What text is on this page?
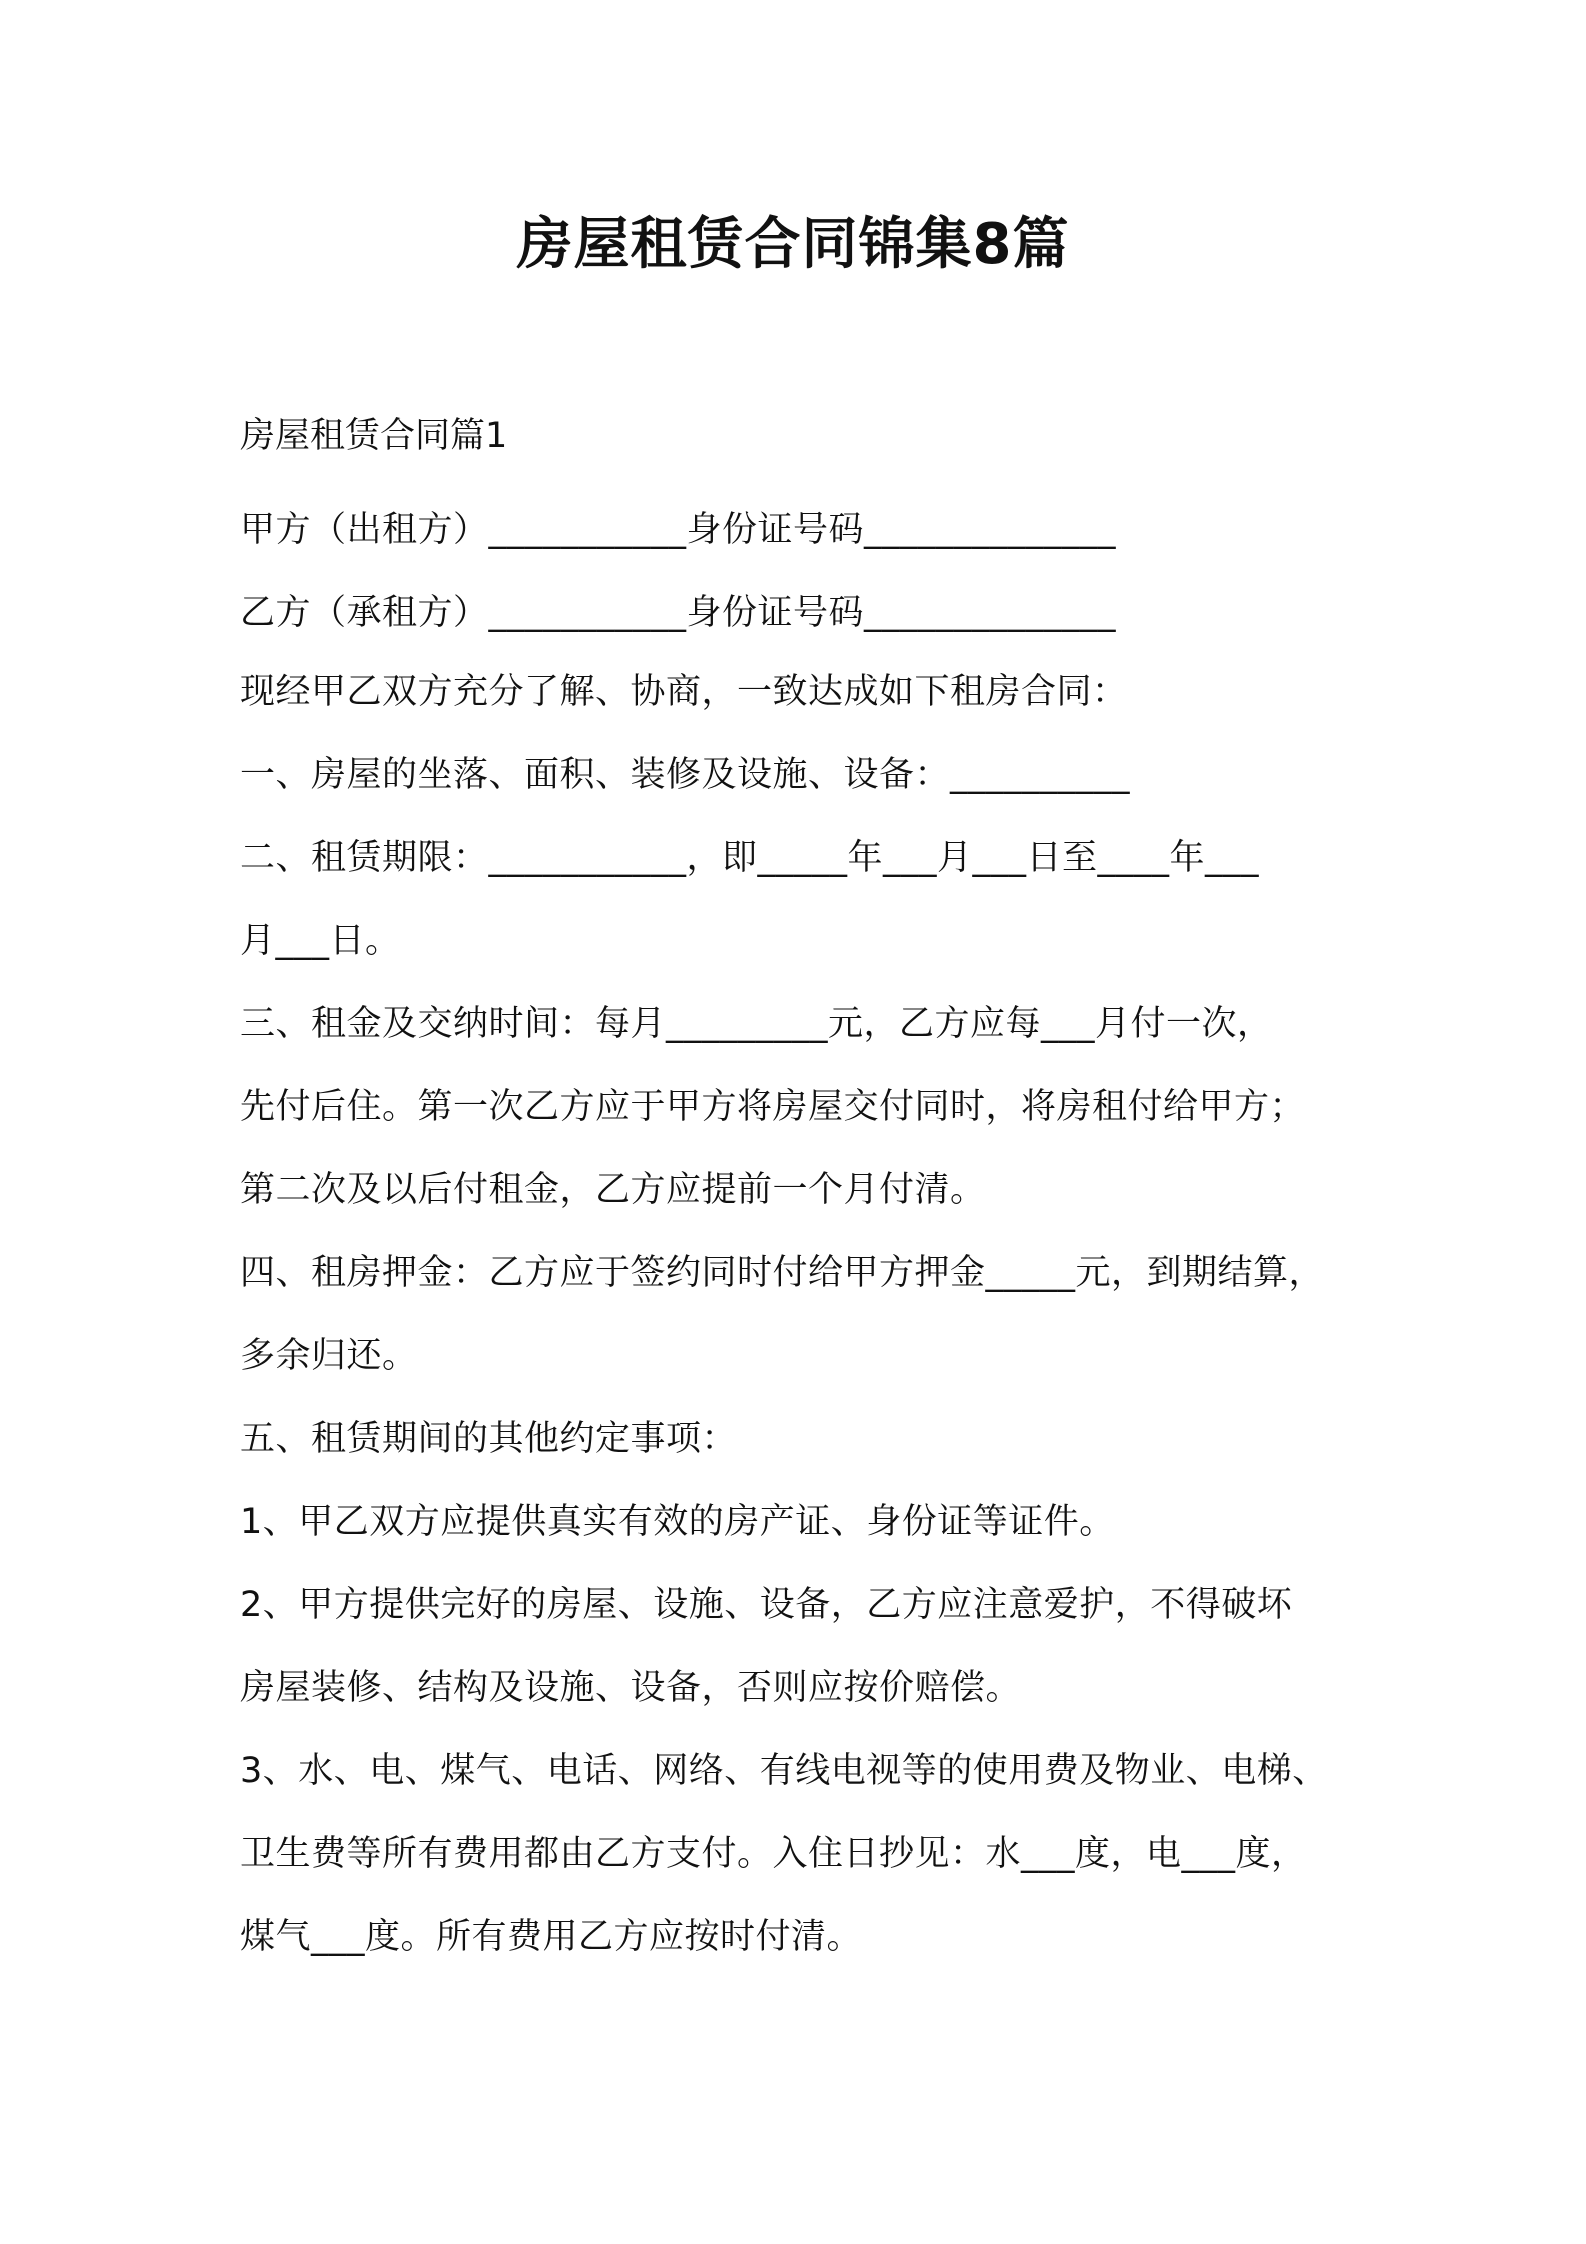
房屋租赁合同锦集8篇
房屋租赁合同篇1
甲方（出租方）___________身份证号码______________
乙方（承租方）___________身份证号码______________
现经甲乙双方充分了解、协商，一致达成如下租房合同：
一、房屋的坐落、面积、装修及设施、设备：__________
二、租赁期限：___________，即_____年___月___日至____年___
月___日。
三、租金及交纳时间：每月_________元，乙方应每___月付一次，
先付后住。第一次乙方应于甲方将房屋交付同时，将房租付给甲方；
第二次及以后付租金，乙方应提前一个月付清。
四、租房押金：乙方应于签约同时付给甲方押金_____元，到期结算，
多余归还。
五、租赁期间的其他约定事项：
1、甲乙双方应提供真实有效的房产证、身份证等证件。
2、甲方提供完好的房屋、设施、设备，乙方应注意爱护，不得破坏
房屋装修、结构及设施、设备，否则应按价赔偿。
3、水、电、煤气、电话、网络、有线电视等的使用费及物业、电梯、
卫生费等所有费用都由乙方支付。入住日抄见：水___度，电___度，
煤气___度。所有费用乙方应按时付清。
